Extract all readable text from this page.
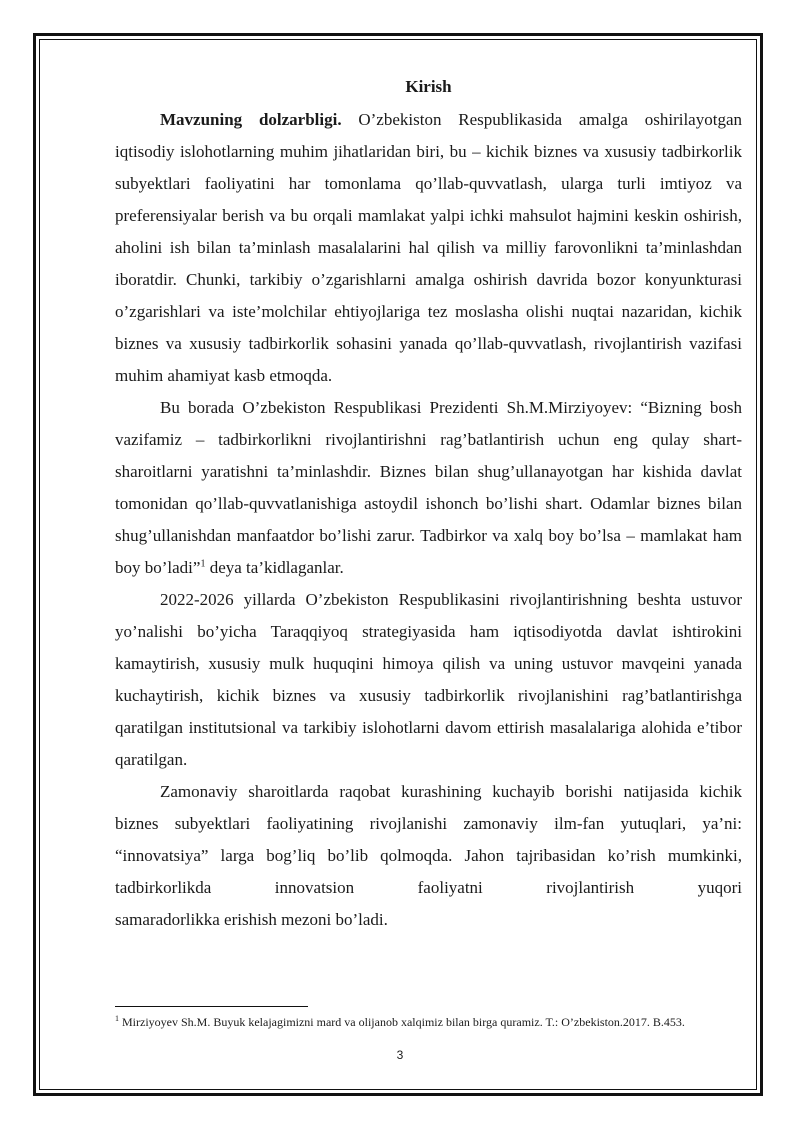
Kirish

Mavzuning dolzarbligi. O’zbekiston Respublikasida amalga oshirilayotgan iqtisodiy islohotlarning muhim jihatlaridan biri, bu – kichik biznes va xususiy tadbirkorlik subyektlari faoliyatini har tomonlama qo’llab-quvvatlash, ularga turli imtiyoz va preferensiyalar berish va bu orqali mamlakat yalpi ichki mahsulot hajmini keskin oshirish, aholini ish bilan ta’minlash masalalarini hal qilish va milliy farovonlikni ta’minlashdan iboratdir. Chunki, tarkibiy o’zgarishlarni amalga oshirish davrida bozor konyunkturasi o’zgarishlari va iste’molchilar ehtiyojlariga tez moslasha olishi nuqtai nazaridan, kichik biznes va xususiy tadbirkorlik sohasini yanada qo’llab-quvvatlash, rivojlantirish vazifasi muhim ahamiyat kasb etmoqda.

Bu borada O’zbekiston Respublikasi Prezidenti Sh.M.Mirziyoyev: “Bizning bosh vazifamiz – tadbirkorlikni rivojlantirishni rag’batlantirish uchun eng qulay shart-sharoitlarni yaratishni ta’minlashdir. Biznes bilan shug’ullanayotgan har kishida davlat tomonidan qo’llab-quvvatlanishiga astoydil ishonch bo’lishi shart. Odamlar biznes bilan shug’ullanishdan manfaatdor bo’lishi zarur. Tadbirkor va xalq boy bo’lsa – mamlakat ham boy bo’ladi”$^1$ deya ta’kidlaganlar.

2022-2026 yillarda O’zbekiston Respublikasini rivojlantirishning beshta ustuvor yo’nalishi bo’yicha Taraqqiyoq strategiyasida ham iqtisodiyotda davlat ishtirokini kamaytirish, xususiy mulk huquqini himoya qilish va uning ustuvor mavqeini yanada kuchaytirish, kichik biznes va xususiy tadbirkorlik rivojlanishini rag’batlantirishga qaratilgan institutsional va tarkibiy islohotlarni davom ettirish masalalariga alohida e’tibor qaratilgan.

Zamonaviy sharoitlarda raqobat kurashining kuchayib borishi natijasida kichik biznes subyektlari faoliyatining rivojlanishi zamonaviy ilm-fan yutuqlari, ya’ni: “innovatsiya” larga bog’liq bo’lib qolmoqda. Jahon tajribasidan ko’rish mumkinki, tadbirkorlikda innovatsion faoliyatni rivojlantirish yuqori

samaradorlikka erishish mezoni bo’ladi.

$^1$ Mirziyoyev Sh.M. Buyuk kelajagimizni mard va olijanob xalqimiz bilan birga quramiz. T.: O’zbekiston.2017. B.453.
3
